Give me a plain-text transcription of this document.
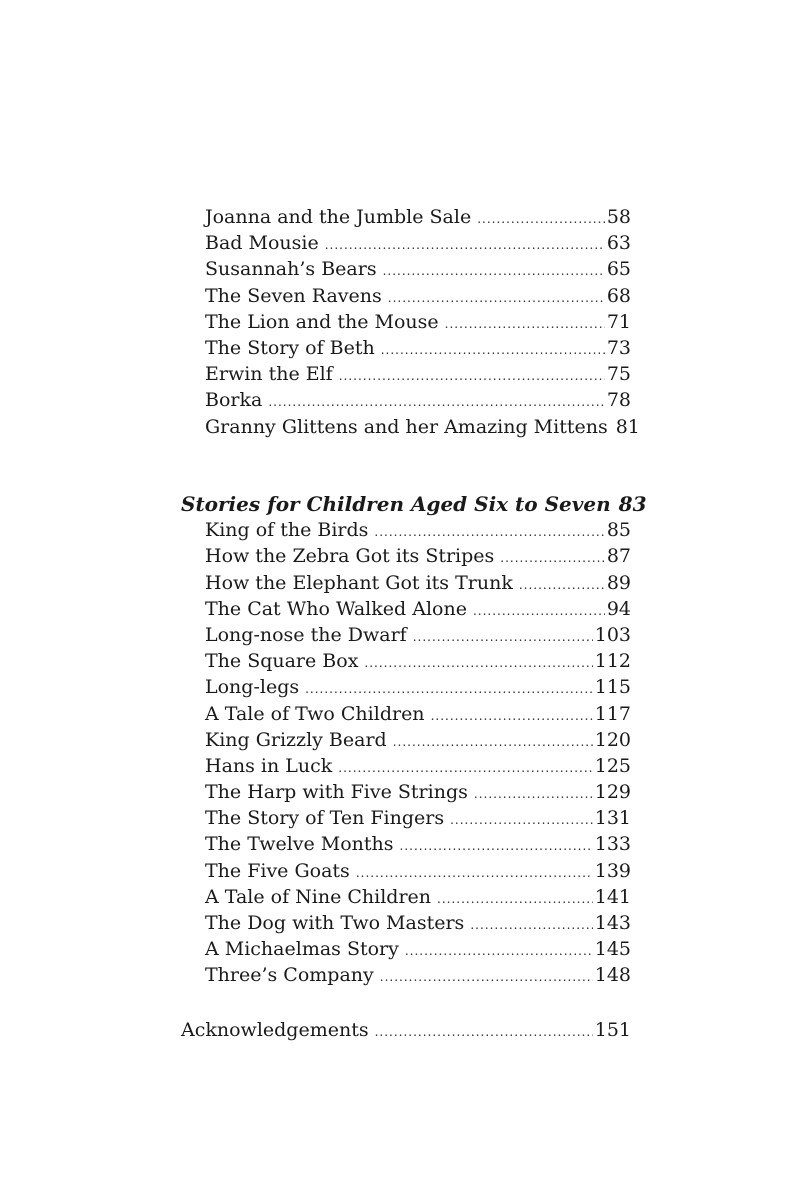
Joanna and the Jumble Sale .....	58
Bad Mousie .....	63
Susannah’s Bears .....	65
The Seven Ravens .....	68
The Lion and the Mouse .....	71
The Story of Beth .....	73
Erwin the Elf .....	75
Borka .....	78
Granny Glittens and her Amazing Mittens 81
Stories for Children Aged Six to Seven 83
King of the Birds .....	85
How the Zebra Got its Stripes .....	87
How the Elephant Got its Trunk .....	89
The Cat Who Walked Alone .....	94
Long-nose the Dwarf .....	103
The Square Box .....	112
Long-legs .....	115
A Tale of Two Children .....	117
King Grizzly Beard .....	120
Hans in Luck .....	125
The Harp with Five Strings .....	129
The Story of Ten Fingers .....	131
The Twelve Months .....	133
The Five Goats .....	139
A Tale of Nine Children .....	141
The Dog with Two Masters .....	143
A Michaelmas Story .....	145
Three’s Company .....	148
Acknowledgements .....	151
